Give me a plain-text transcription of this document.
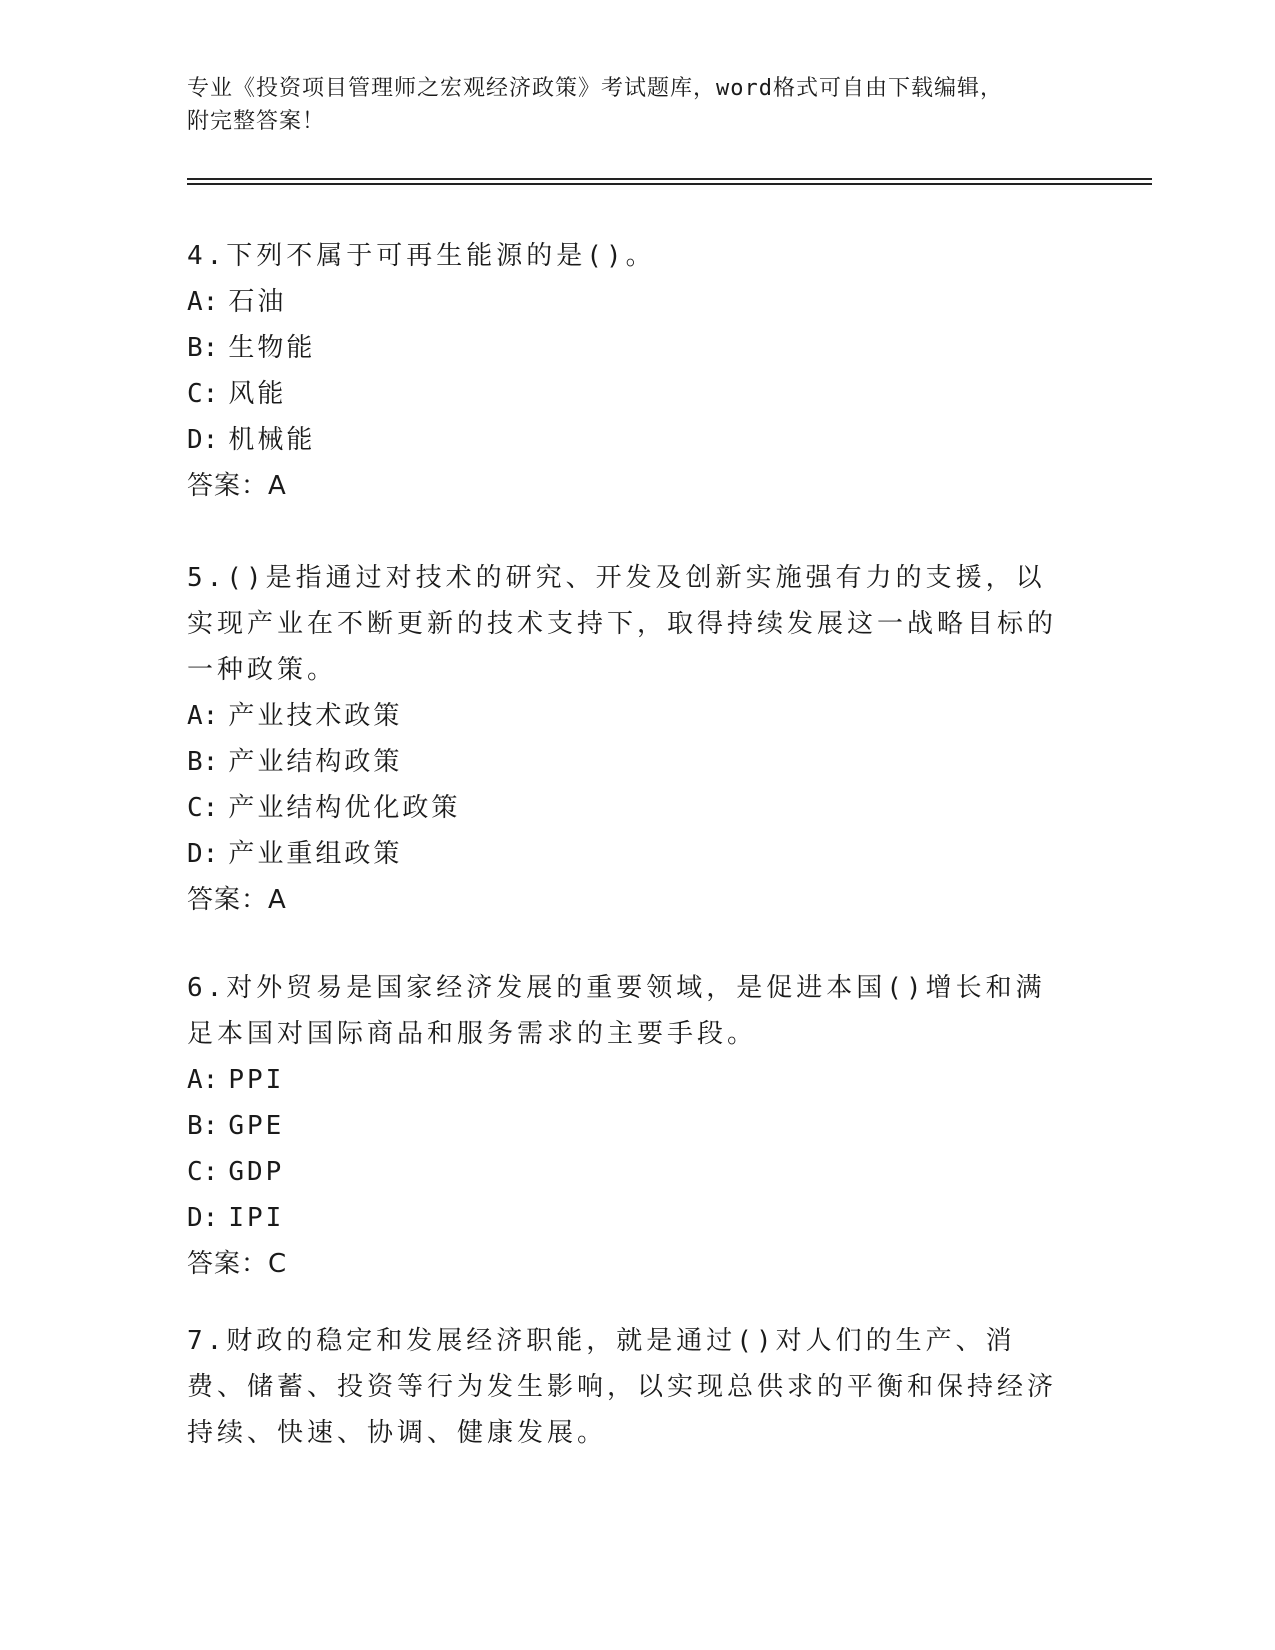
专业《投资项目管理师之宏观经济政策》考试题库，word格式可自由下载编辑，
附完整答案！
4.下列不属于可再生能源的是()。
A: 石油
B: 生物能
C: 风能
D: 机械能
答案：A
5.()是指通过对技术的研究、开发及创新实施强有力的支援，以实现产业在不断更新的技术支持下，取得持续发展这一战略目标的一种政策。
A: 产业技术政策
B: 产业结构政策
C: 产业结构优化政策
D: 产业重组政策
答案：A
6.对外贸易是国家经济发展的重要领域，是促进本国()增长和满足本国对国际商品和服务需求的主要手段。
A: PPI
B: GPE
C: GDP
D: IPI
答案：C
7.财政的稳定和发展经济职能，就是通过()对人们的生产、消费、储蓄、投资等行为发生影响，以实现总供求的平衡和保持经济持续、快速、协调、健康发展。
